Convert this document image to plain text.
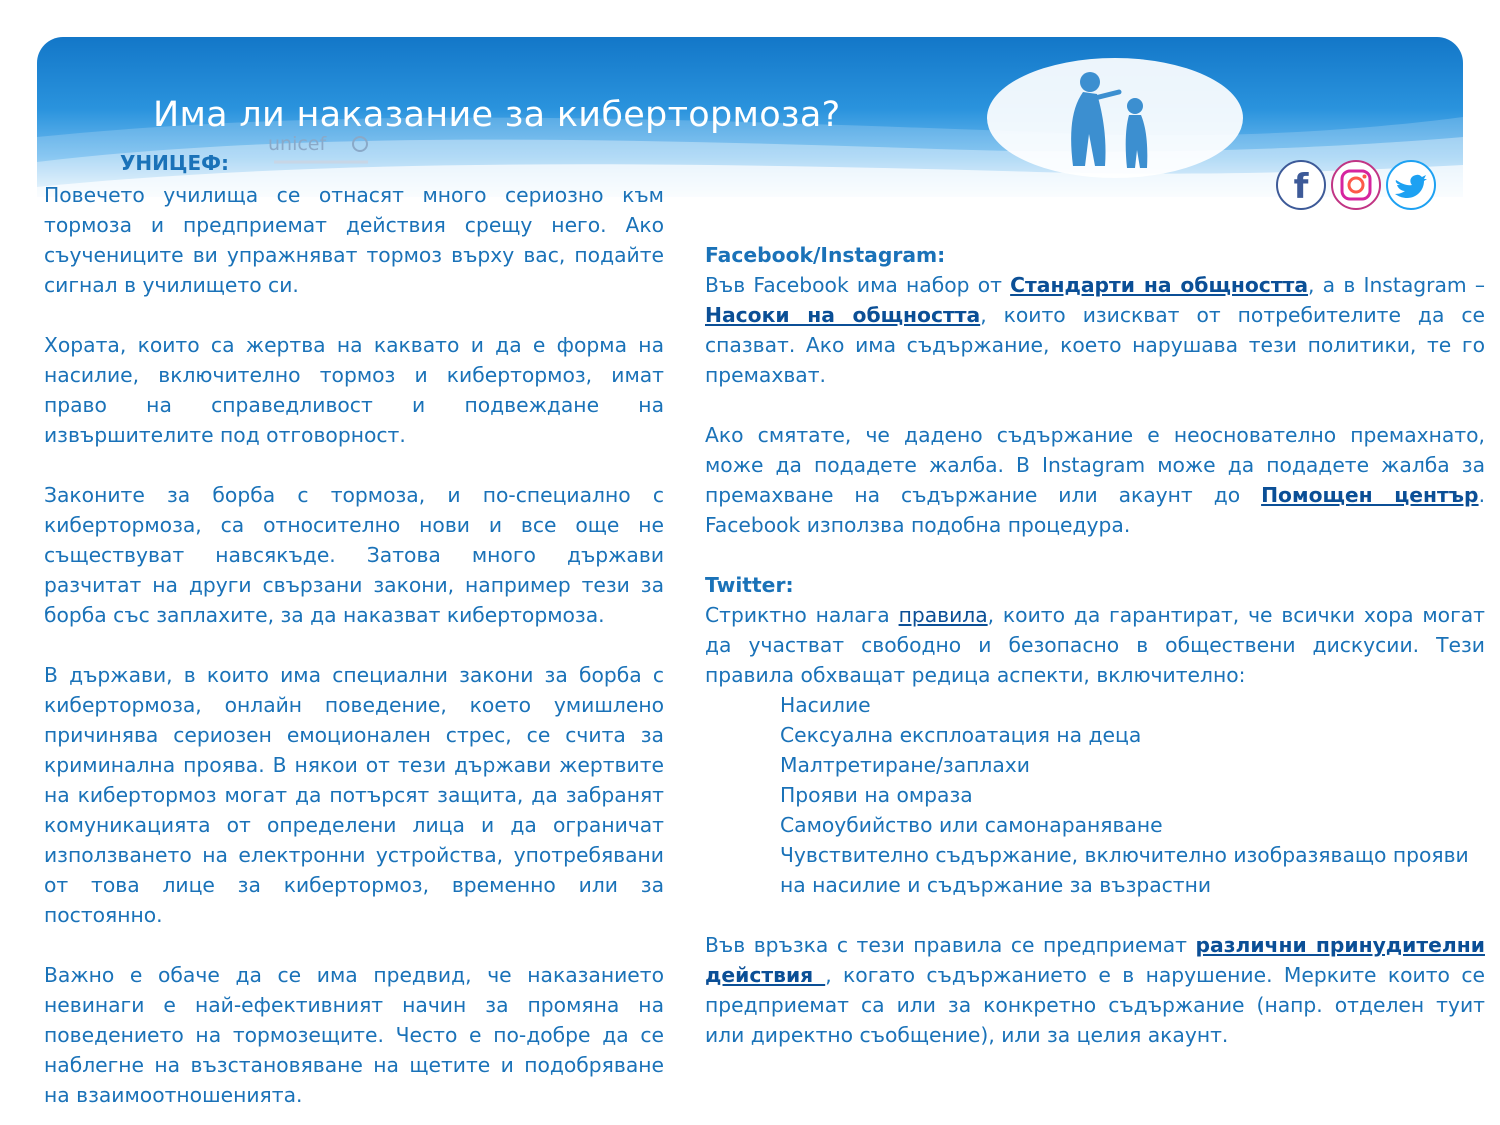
Има ли наказание за кибертормоза?
f
УНИЦЕФ:
unicef

Повечето училища се отнасят много сериозно към тормоза и предприемат действия срещу него. Ако съучениците ви упражняват тормоз върху вас, подайте сигнал в училището си.

Хората, които са жертва на каквато и да е форма на насилие, включително тормоз и кибертормоз, имат право на справедливост и подвеждане на извършителите под отговорност.

Законите за борба с тормоза, и по-специално с кибертормоза, са относително нови и все още не съществуват навсякъде. Затова много държави разчитат на други свързани закони, например тези за борба със заплахите, за да наказват кибертормоза.

В държави, в които има специални закони за борба с кибертормоза, онлайн поведение, което умишлено причинява сериозен емоционален стрес, се счита за криминална проява. В някои от тези държави жертвите на кибертормоз могат да потърсят защита, да забранят комуникацията от определени лица и да ограничат използването на електронни устройства, употребявани от това лице за кибертормоз, временно или за постоянно.

Важно е обаче да се има предвид, че наказанието невинаги е най-ефективният начин за промяна на поведението на тормозещите. Често е по-добре да се наблегне на възстановяване на щетите и подобряване на взаимоотношенията.

Facebook/Instagram:

Във Facebook има набор от Стандарти на общността, а в Instagram – Насоки на общността, които изискват от потребителите да се спазват. Ако има съдържание, което нарушава тези политики, те го премахват.

Ако смятате, че дадено съдържание е неоснователно премахнато, може да подадете жалба. В Instagram може да подадете жалба за премахване на съдържание или акаунт до Помощен център. Facebook използва подобна процедура.

Twitter:

Стриктно налага правила, които да гарантират, че всички хора могат да участват свободно и безопасно в обществени дискусии. Тези правила обхващат редица аспекти, включително:

Насилие
Сексуална експлоатация на деца
Малтретиране/заплахи
Прояви на омраза
Самоубийство или самонараняване
Чувствително съдържание, включително изобразяващо прояви на насилие и съдържание за възрастни

Във връзка с тези правила се предприемат различни принудителни действия , когато съдържанието е в нарушение. Мерките които се предприемат са или за конкретно съдържание (напр. отделен туит или директно съобщение), или за целия акаунт.
